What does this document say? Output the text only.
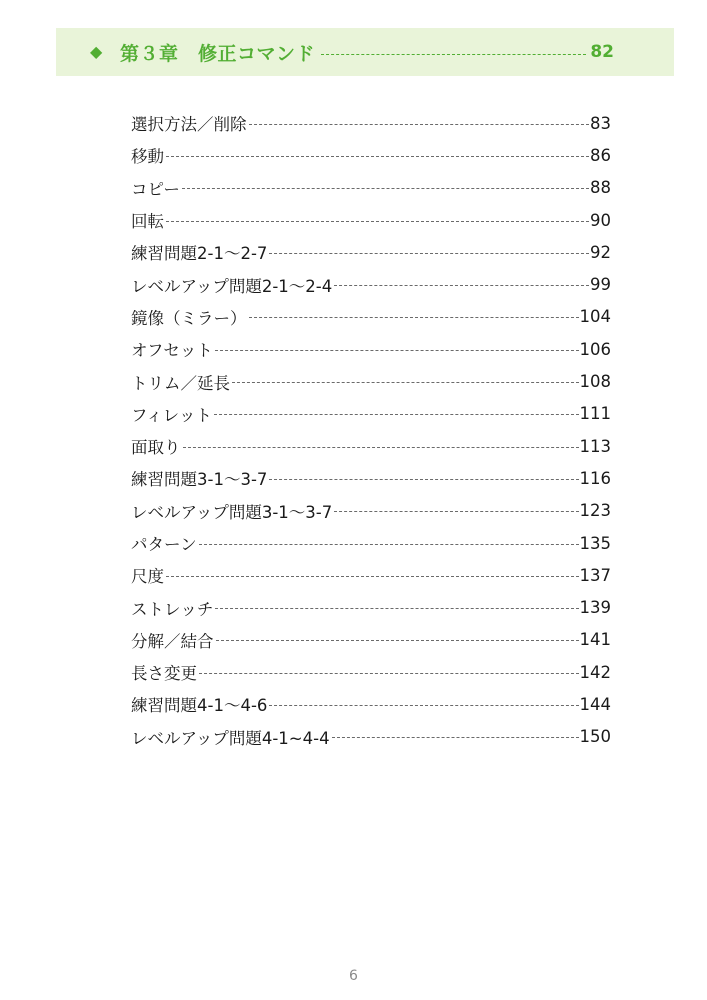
◆ 第３章　修正コマンド	82
選択方法／削除	83
移動	86
コピー	88
回転	90
練習問題2-1～2-7	92
レベルアップ問題2-1～2-4	99
鏡像（ミラー）	104
オフセット	106
トリム／延長	108
フィレット	111
面取り	113
練習問題3-1～3-7	116
レベルアップ問題3-1～3-7	123
パターン	135
尺度	137
ストレッチ	139
分解／結合	141
長さ変更	142
練習問題4-1～4-6	144
レベルアップ問題4-1~4-4	150
6
